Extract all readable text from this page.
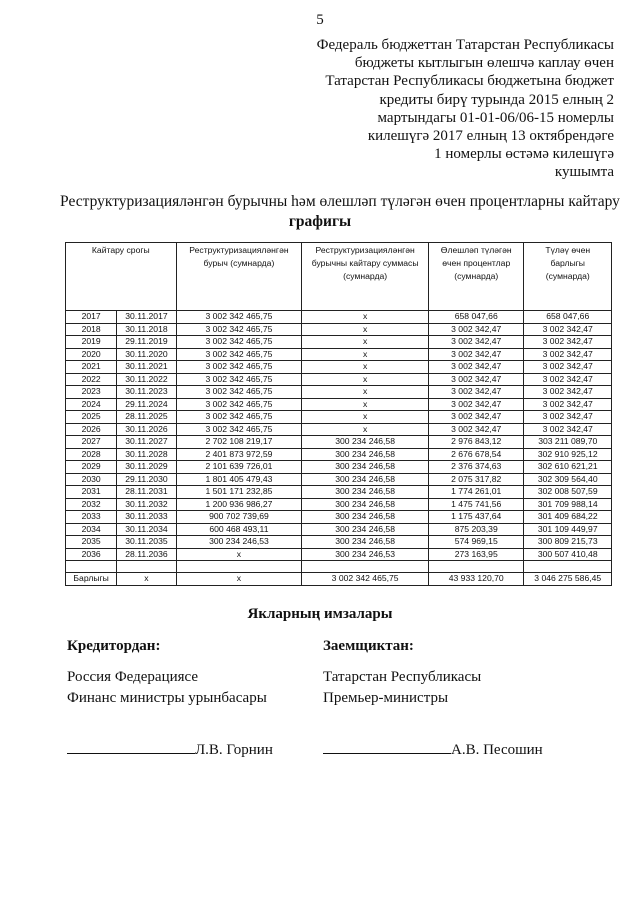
5
Федераль бюджеттан Татарстан Республикасы
бюджеты кытлыгын өлешчә каплау өчен
Татарстан Республикасы бюджетына бюджет
кредиты бирү турында 2015 елның 2
мартындагы 01-01-06/06-15 номерлы
килешүгә 2017 елның 13 октябрендәге
1 номерлы өстәмә килешүгә
кушымта
Реструктуризацияләнгән бурычны һәм өлешләп түләгән өчен процентларны кайтару
графигы
Кайтару срогы		Реструктуризацияләнгән бурыч (сумнарда)	Реструктуризацияләнгән бурычны кайтару суммасы (сумнарда)	Өлешләп түләгән өчен процентлар (сумнарда)	Түләү өчен барлыгы (сумнарда)
2017	30.11.2017	3 002 342 465,75	x	658 047,66	658 047,66
2018	30.11.2018	3 002 342 465,75	x	3 002 342,47	3 002 342,47
2019	29.11.2019	3 002 342 465,75	x	3 002 342,47	3 002 342,47
2020	30.11.2020	3 002 342 465,75	x	3 002 342,47	3 002 342,47
2021	30.11.2021	3 002 342 465,75	x	3 002 342,47	3 002 342,47
2022	30.11.2022	3 002 342 465,75	x	3 002 342,47	3 002 342,47
2023	30.11.2023	3 002 342 465,75	x	3 002 342,47	3 002 342,47
2024	29.11.2024	3 002 342 465,75	x	3 002 342,47	3 002 342,47
2025	28.11.2025	3 002 342 465,75	x	3 002 342,47	3 002 342,47
2026	30.11.2026	3 002 342 465,75	x	3 002 342,47	3 002 342,47
2027	30.11.2027	2 702 108 219,17	300 234 246,58	2 976 843,12	303 211 089,70
2028	30.11.2028	2 401 873 972,59	300 234 246,58	2 676 678,54	302 910 925,12
2029	30.11.2029	2 101 639 726,01	300 234 246,58	2 376 374,63	302 610 621,21
2030	29.11.2030	1 801 405 479,43	300 234 246,58	2 075 317,82	302 309 564,40
2031	28.11.2031	1 501 171 232,85	300 234 246,58	1 774 261,01	302 008 507,59
2032	30.11.2032	1 200 936 986,27	300 234 246,58	1 475 741,56	301 709 988,14
2033	30.11.2033	900 702 739,69	300 234 246,58	1 175 437,64	301 409 684,22
2034	30.11.2034	600 468 493,11	300 234 246,58	875 203,39	301 109 449,97
2035	30.11.2035	300 234 246,53	300 234 246,58	574 969,15	300 809 215,73
2036	28.11.2036	x	300 234 246,53	273 163,95	300 507 410,48

Барлыгы	x	x	3 002 342 465,75	43 933 120,70	3 046 275 586,45
Якларның имзалары
Кредитордан:
Россия Федерациясе
Финанс министры урынбасары
Заемщиктан:
Татарстан Республикасы
Премьер-министры
Л.В. Горнин	А.В. Песошин
